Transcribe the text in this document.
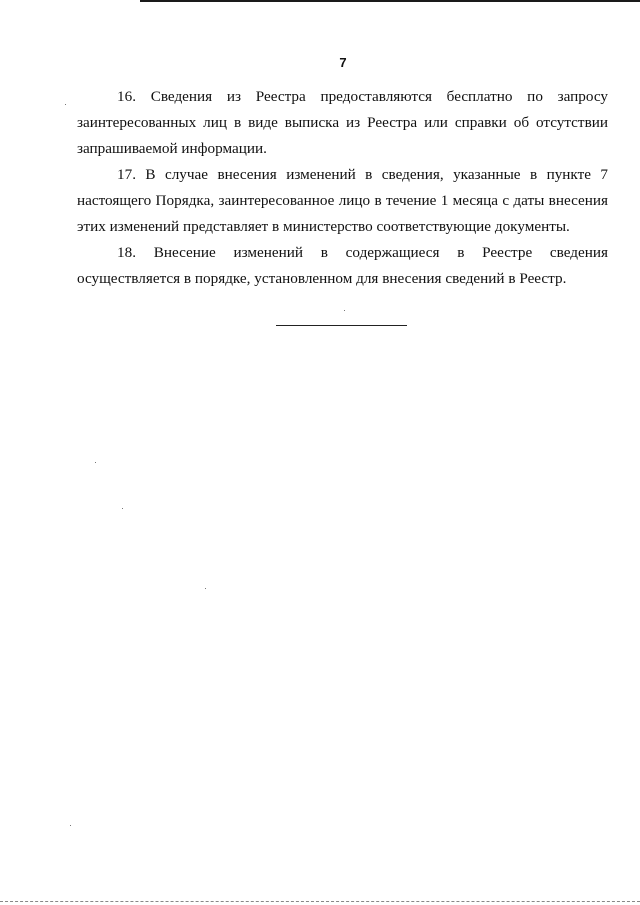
7

16. Сведения из Реестра предоставляются бесплатно по запросу заинтересованных лиц в виде выписка из Реестра или справки об отсутствии запрашиваемой информации.

17. В случае внесения изменений в сведения, указанные в пункте 7 настоящего Порядка, заинтересованное лицо в течение 1 месяца с даты внесения этих изменений представляет в министерство соответствующие документы.

18. Внесение изменений в содержащиеся в Реестре сведения осуществляется в порядке, установленном для внесения сведений в Реестр.
